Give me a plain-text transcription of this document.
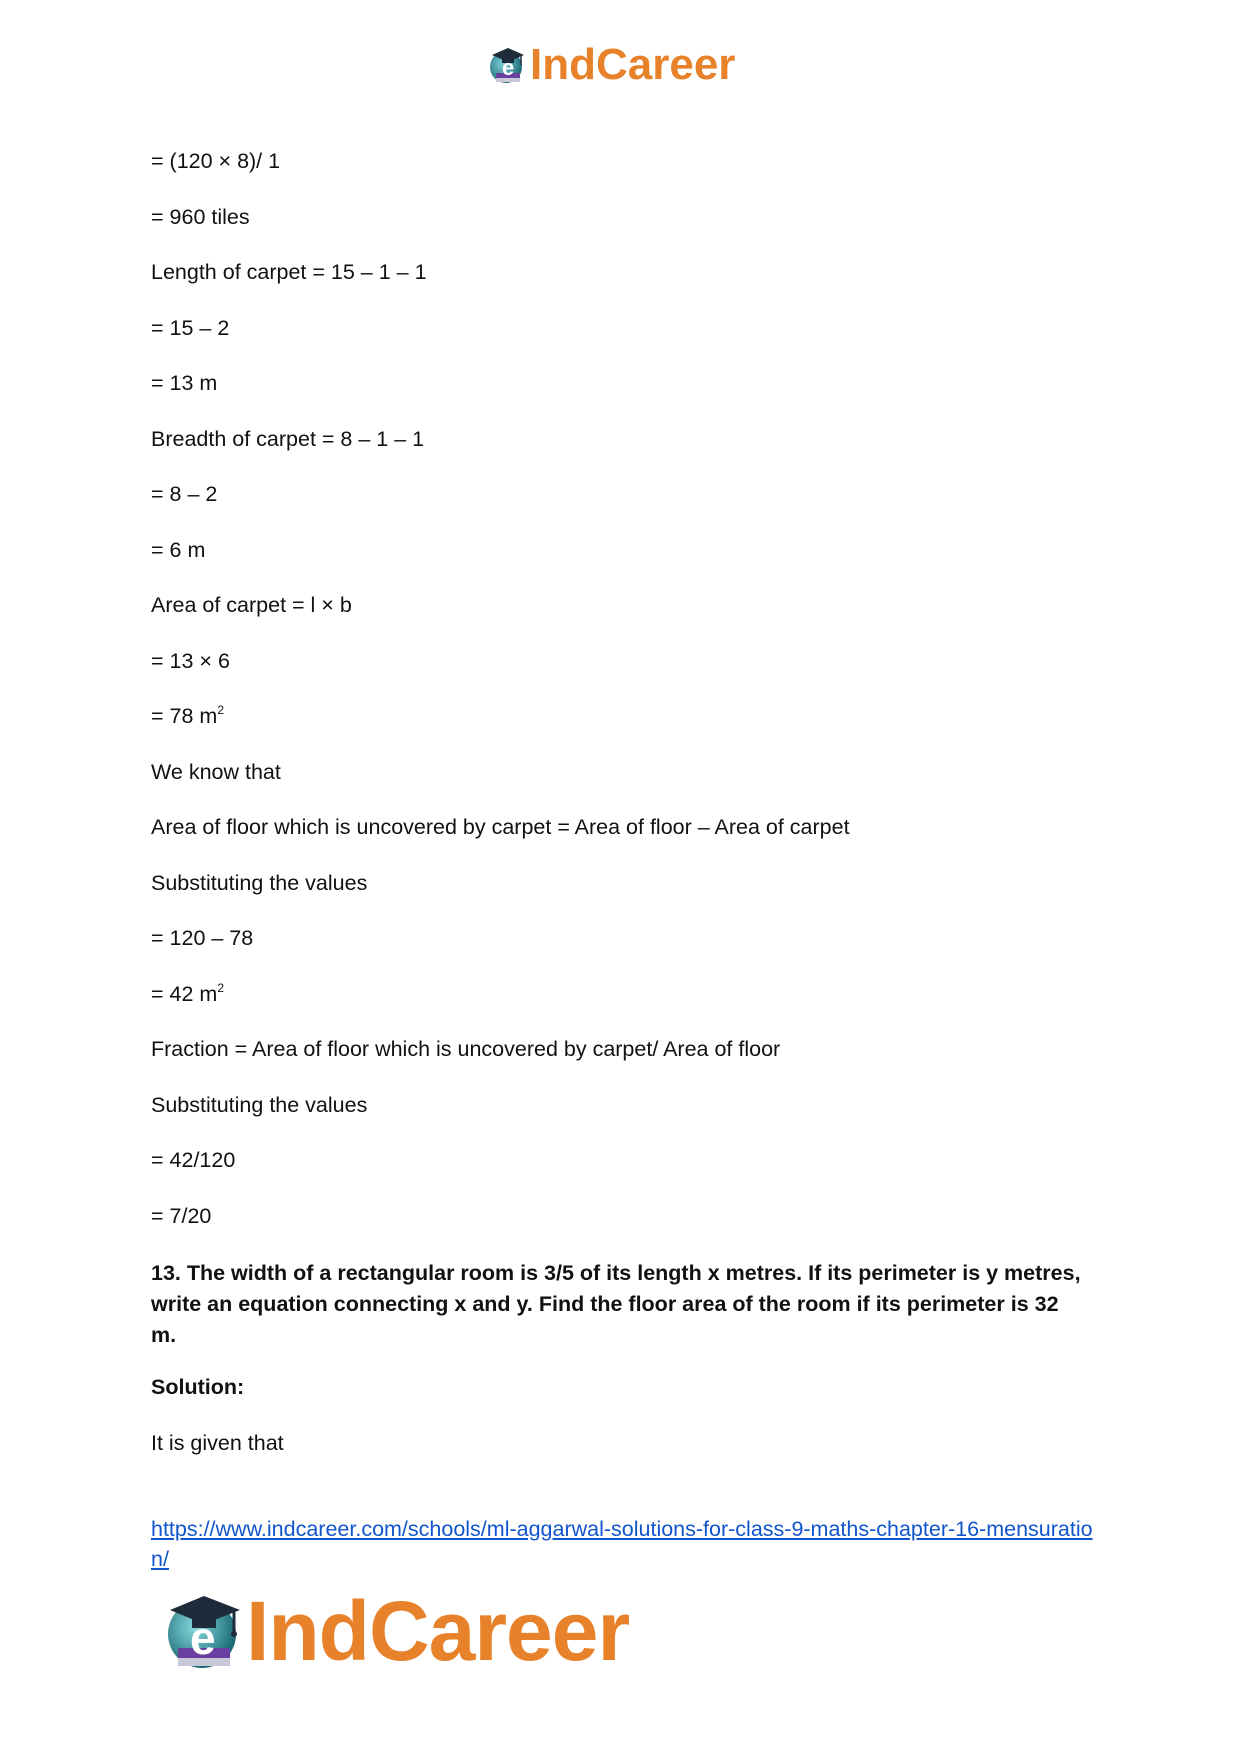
e IndCareer
= (120 × 8)/ 1
= 960 tiles
Length of carpet = 15 – 1 – 1
= 15 – 2
= 13 m
Breadth of carpet = 8 – 1 – 1
= 8 – 2
= 6 m
Area of carpet = l × b
= 13 × 6
= 78 $m^2$
We know that
Area of floor which is uncovered by carpet = Area of floor – Area of carpet
Substituting the values
= 120 – 78
= 42 $m^2$
Fraction = Area of floor which is uncovered by carpet/ Area of floor
Substituting the values
= 42/120
= 7/20
13. The width of a rectangular room is 3/5 of its length x metres. If its perimeter is y metres, write an equation connecting x and y. Find the floor area of the room if its perimeter is 32 m.
Solution:
It is given that
https://www.indcareer.com/schools/ml-aggarwal-solutions-for-class-9-maths-chapter-16-mensuration/
e IndCareer
